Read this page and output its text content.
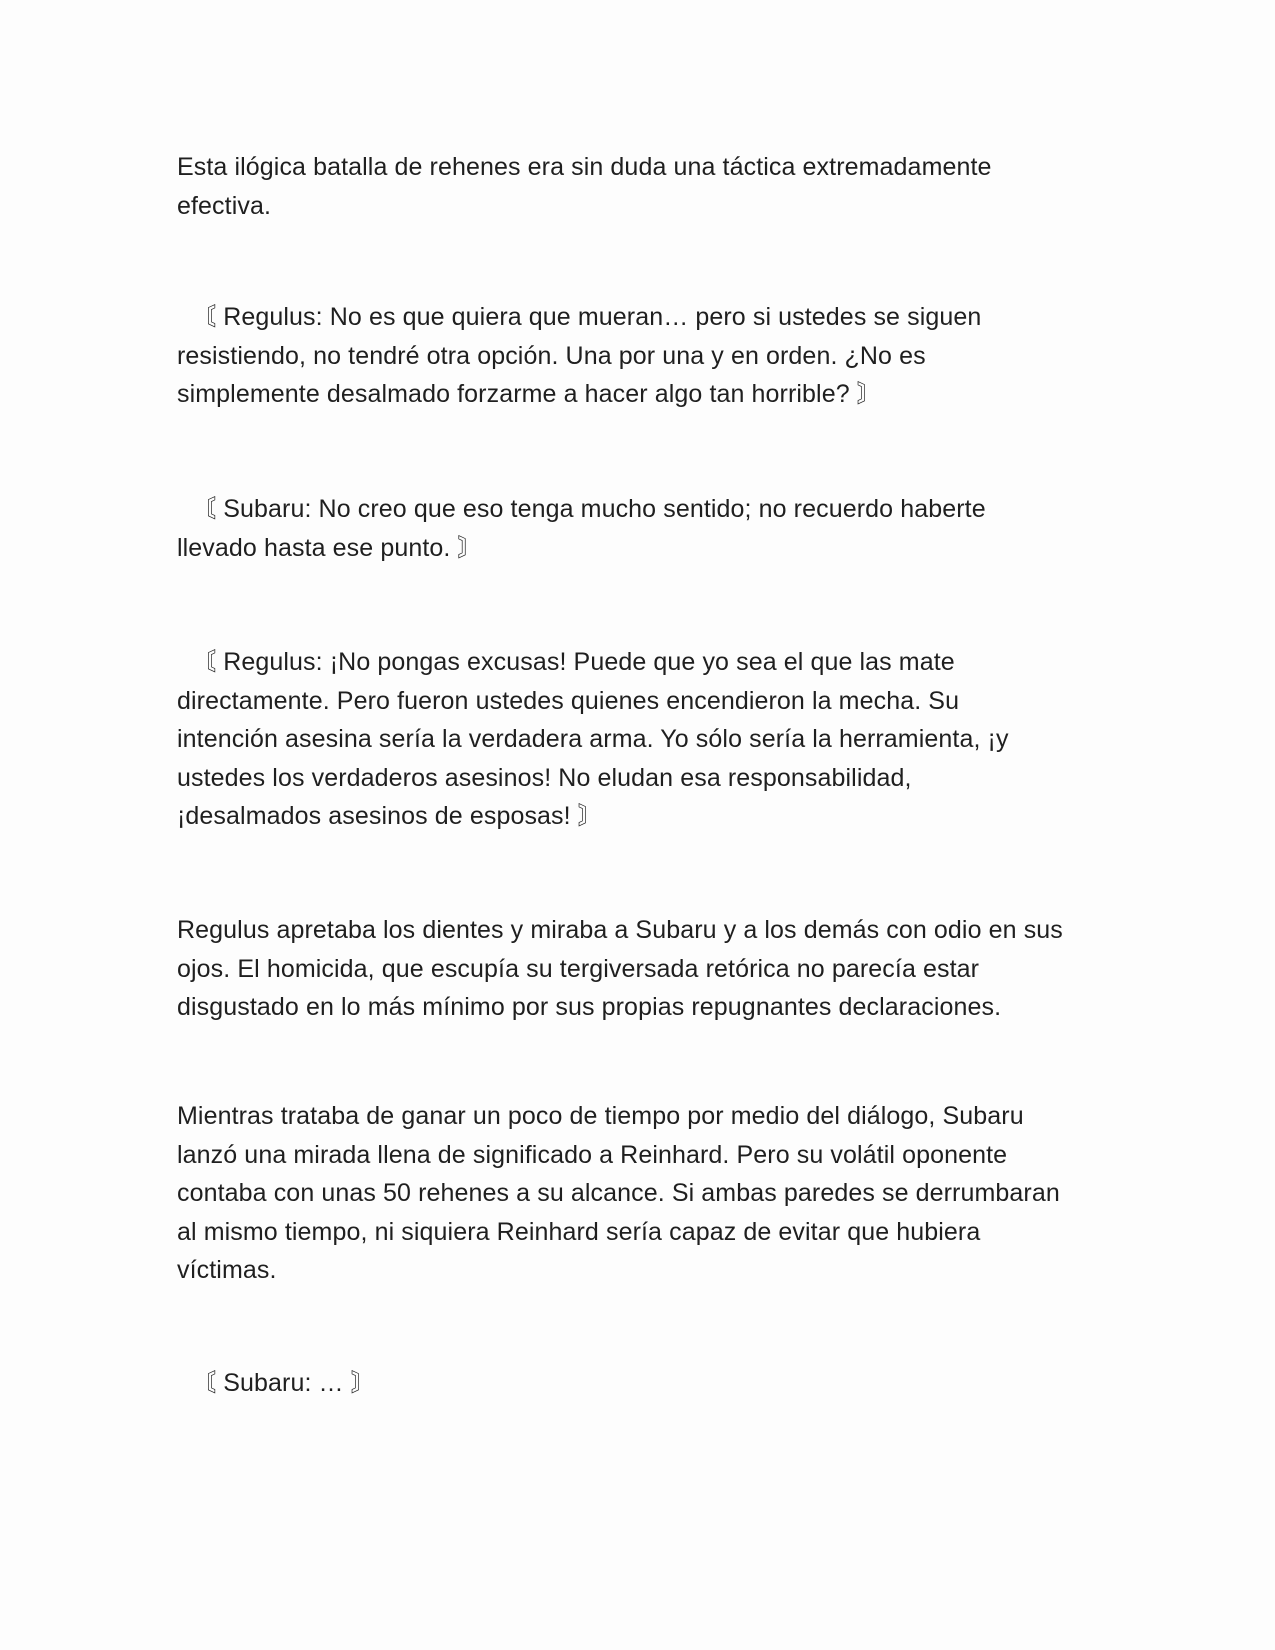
Esta ilógica batalla de rehenes era sin duda una táctica extremadamente
efectiva.

〘 Regulus: No es que quiera que mueran… pero si ustedes se siguen
resistiendo, no tendré otra opción. Una por una y en orden. ¿No es
simplemente desalmado forzarme a hacer algo tan horrible? 〙

〘 Subaru: No creo que eso tenga mucho sentido; no recuerdo haberte
llevado hasta ese punto. 〙

〘 Regulus: ¡No pongas excusas! Puede que yo sea el que las mate
directamente. Pero fueron ustedes quienes encendieron la mecha. Su
intención asesina sería la verdadera arma. Yo sólo sería la herramienta, ¡y
ustedes los verdaderos asesinos! No eludan esa responsabilidad,
¡desalmados asesinos de esposas! 〙

Regulus apretaba los dientes y miraba a Subaru y a los demás con odio en sus
ojos. El homicida, que escupía su tergiversada retórica no parecía estar
disgustado en lo más mínimo por sus propias repugnantes declaraciones.

Mientras trataba de ganar un poco de tiempo por medio del diálogo, Subaru
lanzó una mirada llena de significado a Reinhard. Pero su volátil oponente
contaba con unas 50 rehenes a su alcance. Si ambas paredes se derrumbaran
al mismo tiempo, ni siquiera Reinhard sería capaz de evitar que hubiera
víctimas.

〘 Subaru: … 〙
